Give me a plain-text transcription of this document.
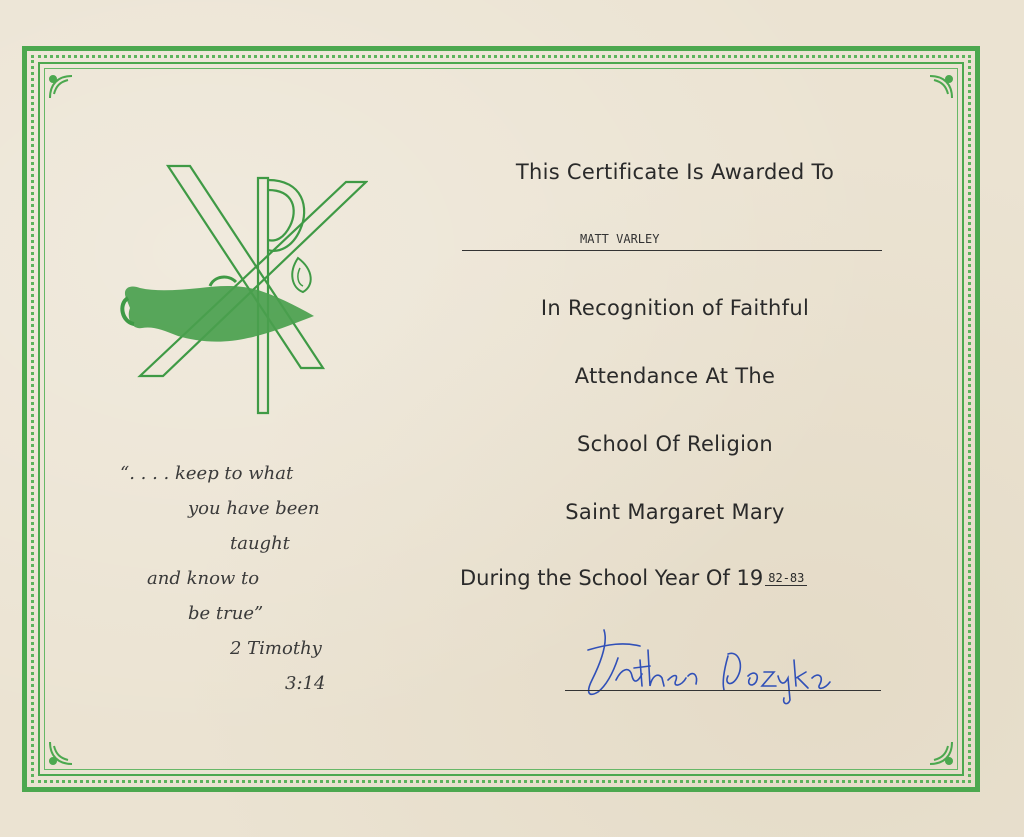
“. . . . keep to what
you have been
taught
and know to
be true”
2 Timothy
3:14
This Certificate Is Awarded To
MATT VARLEY
In Recognition of Faithful
Attendance At The
School Of Religion
Saint Margaret Mary
During the School Year Of 19 82-83
